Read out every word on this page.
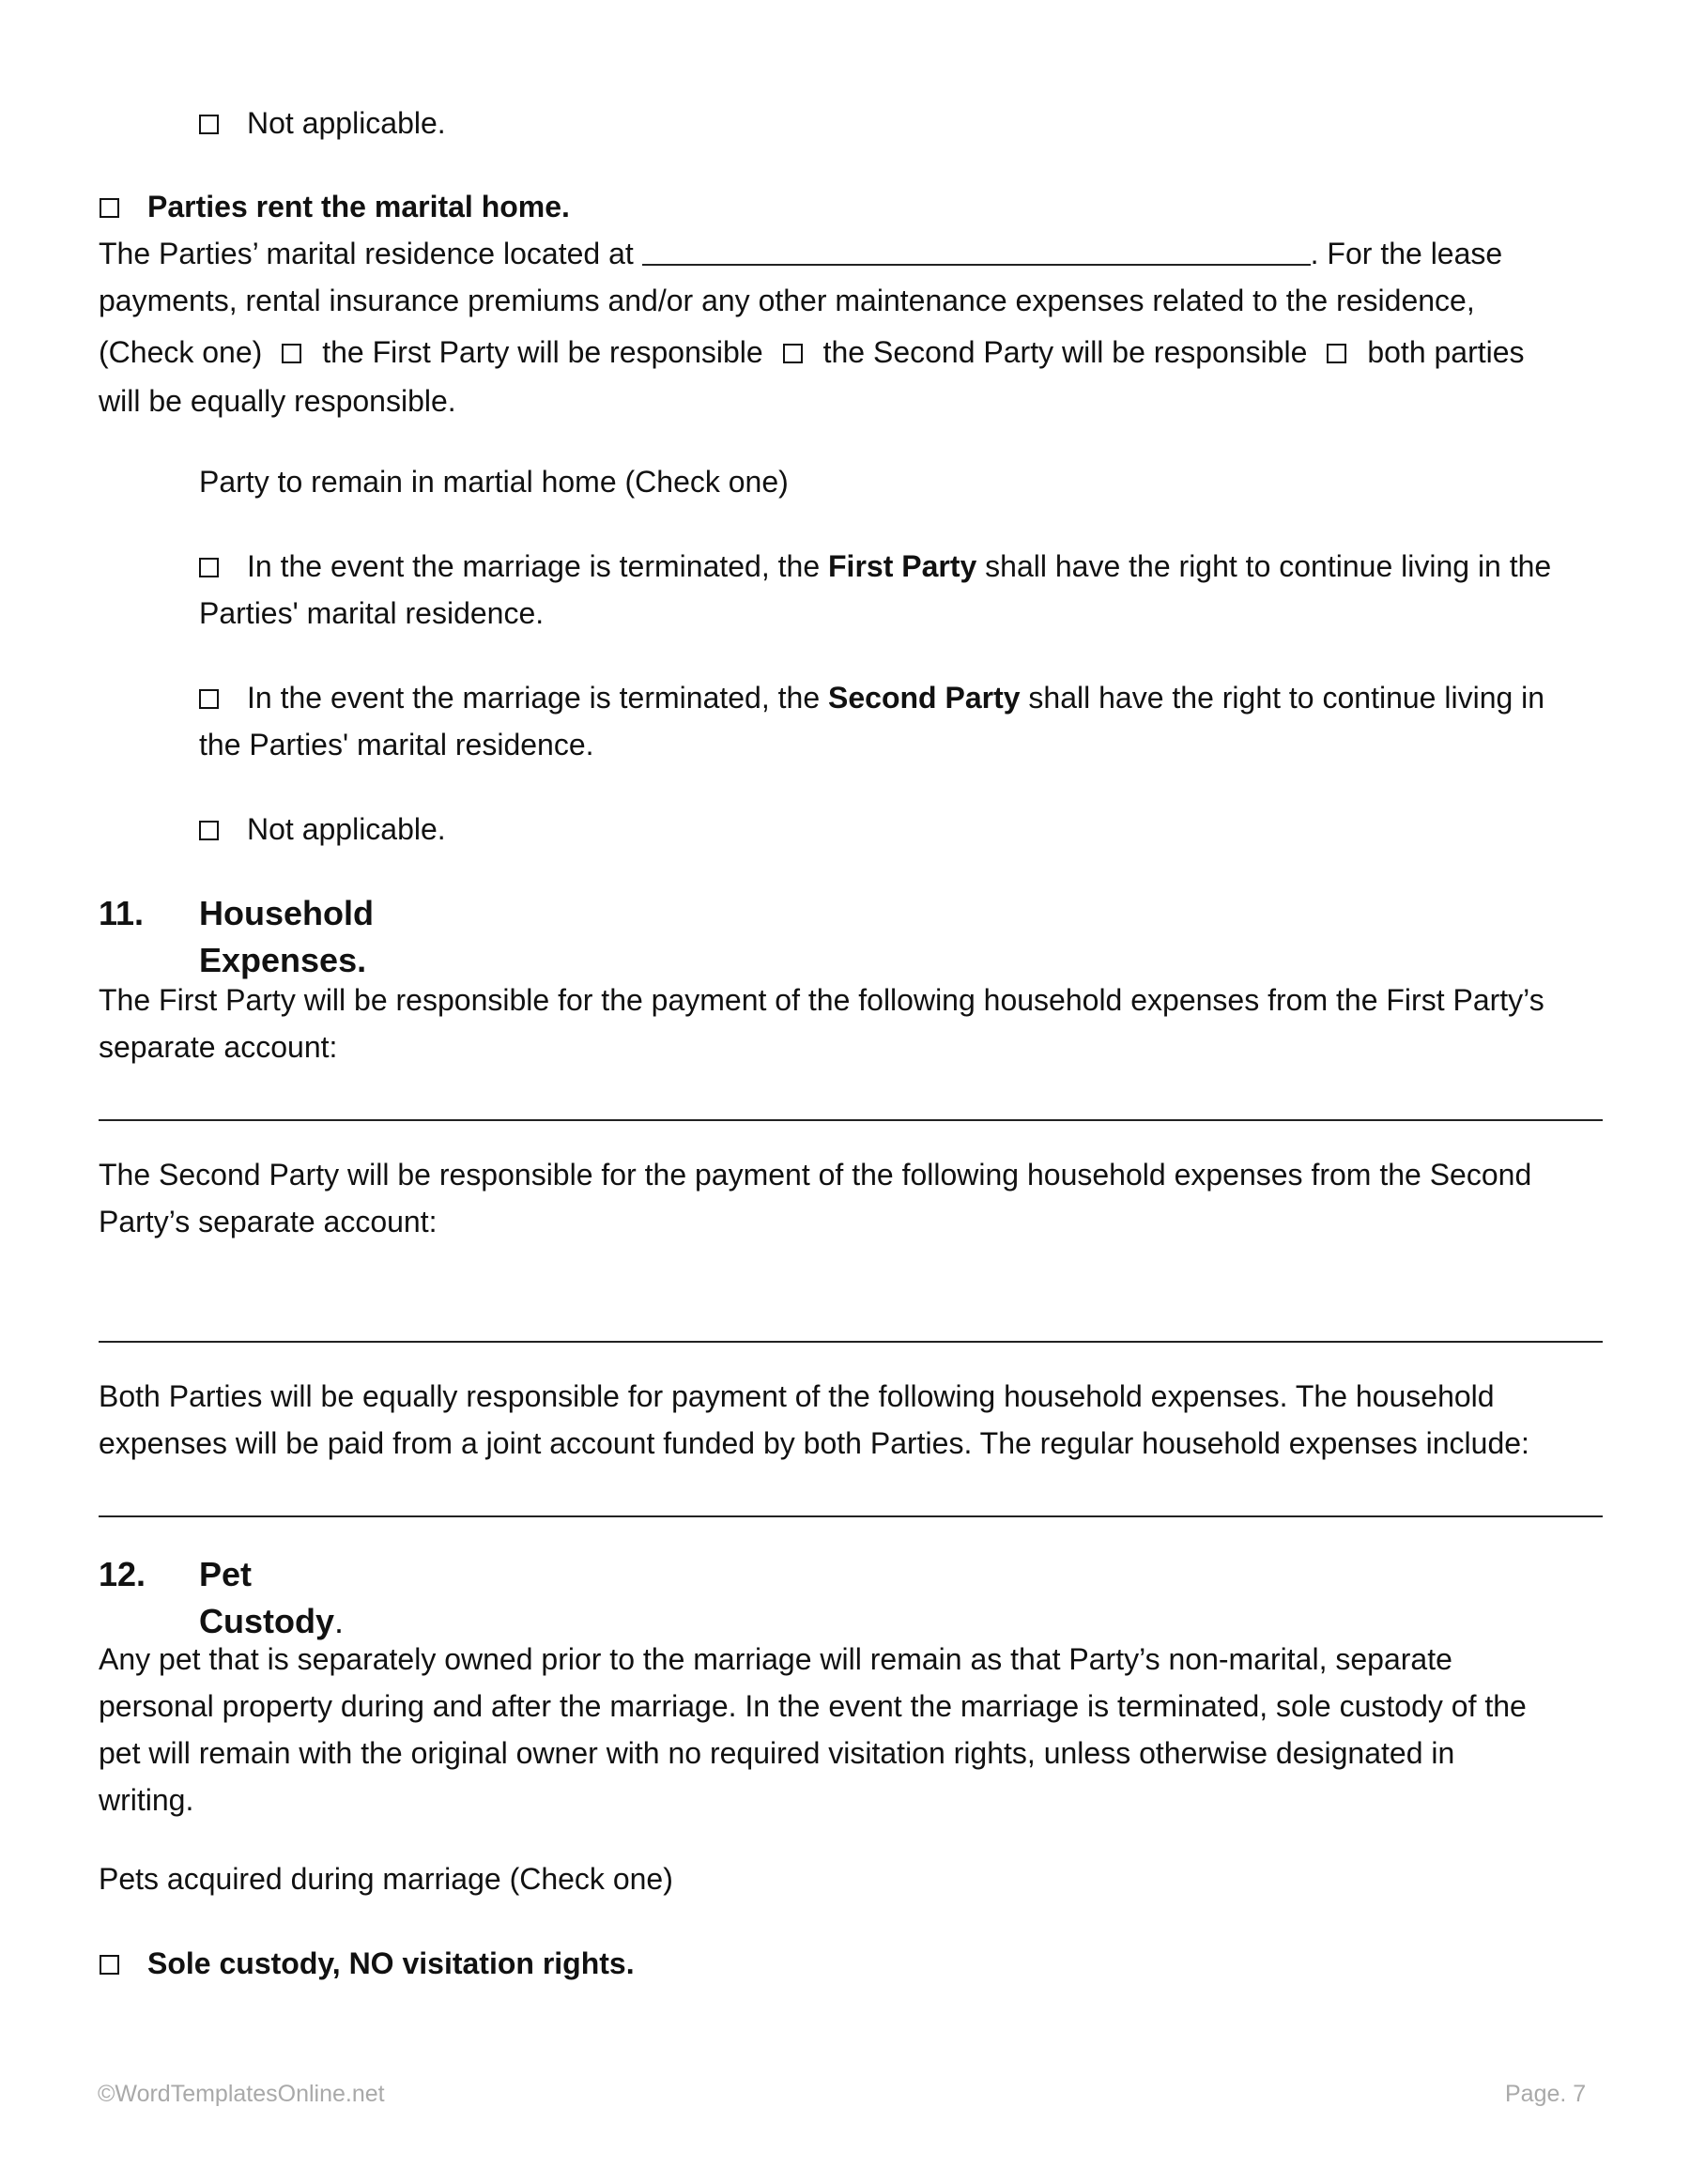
Not applicable.

Parties rent the marital home.

The Parties’ marital residence located at	. For the lease

payments, rental insurance premiums and/or any other maintenance expenses related to the residence,

(Check one) the First Party will be responsible the Second Party will be responsible both parties

will be equally responsible.

Party to remain in martial home (Check one)

In the event the marriage is terminated, the First Party shall have the right to continue living in the

Parties' marital residence.

In the event the marriage is terminated, the Second Party shall have the right to continue living in

the Parties' marital residence.

Not applicable.

11. Household Expenses.

The First Party will be responsible for the payment of the following household expenses from the First Party’s

separate account:

The Second Party will be responsible for the payment of the following household expenses from the Second

Party’s separate account:

Both Parties will be equally responsible for payment of the following household expenses. The household

expenses will be paid from a joint account funded by both Parties. The regular household expenses include:

12. Pet Custody.

Any pet that is separately owned prior to the marriage will remain as that Party’s non-marital, separate

personal property during and after the marriage. In the event the marriage is terminated, sole custody of the

pet will remain with the original owner with no required visitation rights, unless otherwise designated in

writing.

Pets acquired during marriage (Check one)

Sole custody, NO visitation rights.

©WordTemplatesOnline.net	Page. 7
